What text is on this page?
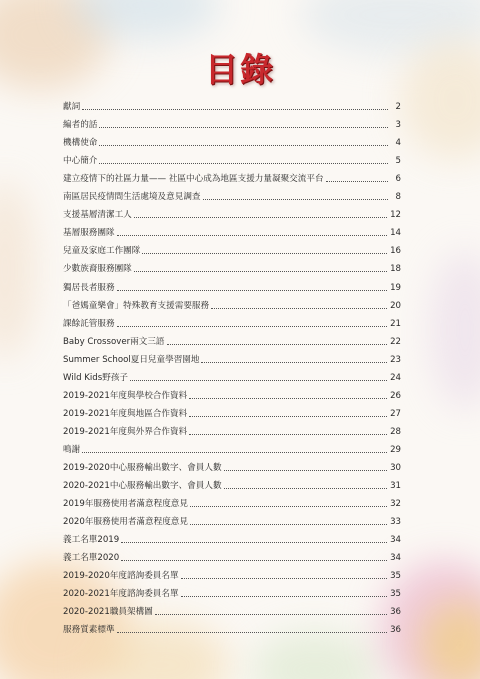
目錄
獻詞	2
編者的話	3
機構使命	4
中心簡介	5
建立疫情下的社區力量—— 社區中心成為地區支援力量凝聚交流平台	6
南區居民疫情間生活處境及意見調查	8
支援基層清潔工人	12
基層服務團隊	14
兒童及家庭工作團隊	16
少數族裔服務團隊	18
獨居長者服務	19
「爸媽童樂會」特殊教育支援需要服務	20
課餘託管服務	21
Baby Crossover兩文三語	22
Summer School夏日兒童學習園地	23
Wild Kids野孩子	24
2019-2021年度與學校合作資料	26
2019-2021年度與地區合作資料	27
2019-2021年度與外界合作資料	28
鳴謝	29
2019-2020中心服務輸出數字、會員人數	30
2020-2021中心服務輸出數字、會員人數	31
2019年服務使用者滿意程度意見	32
2020年服務使用者滿意程度意見	33
義工名單2019	34
義工名單2020	34
2019-2020年度諮詢委員名單	35
2020-2021年度諮詢委員名單	35
2020-2021職員架構圖	36
服務質素標準	36
